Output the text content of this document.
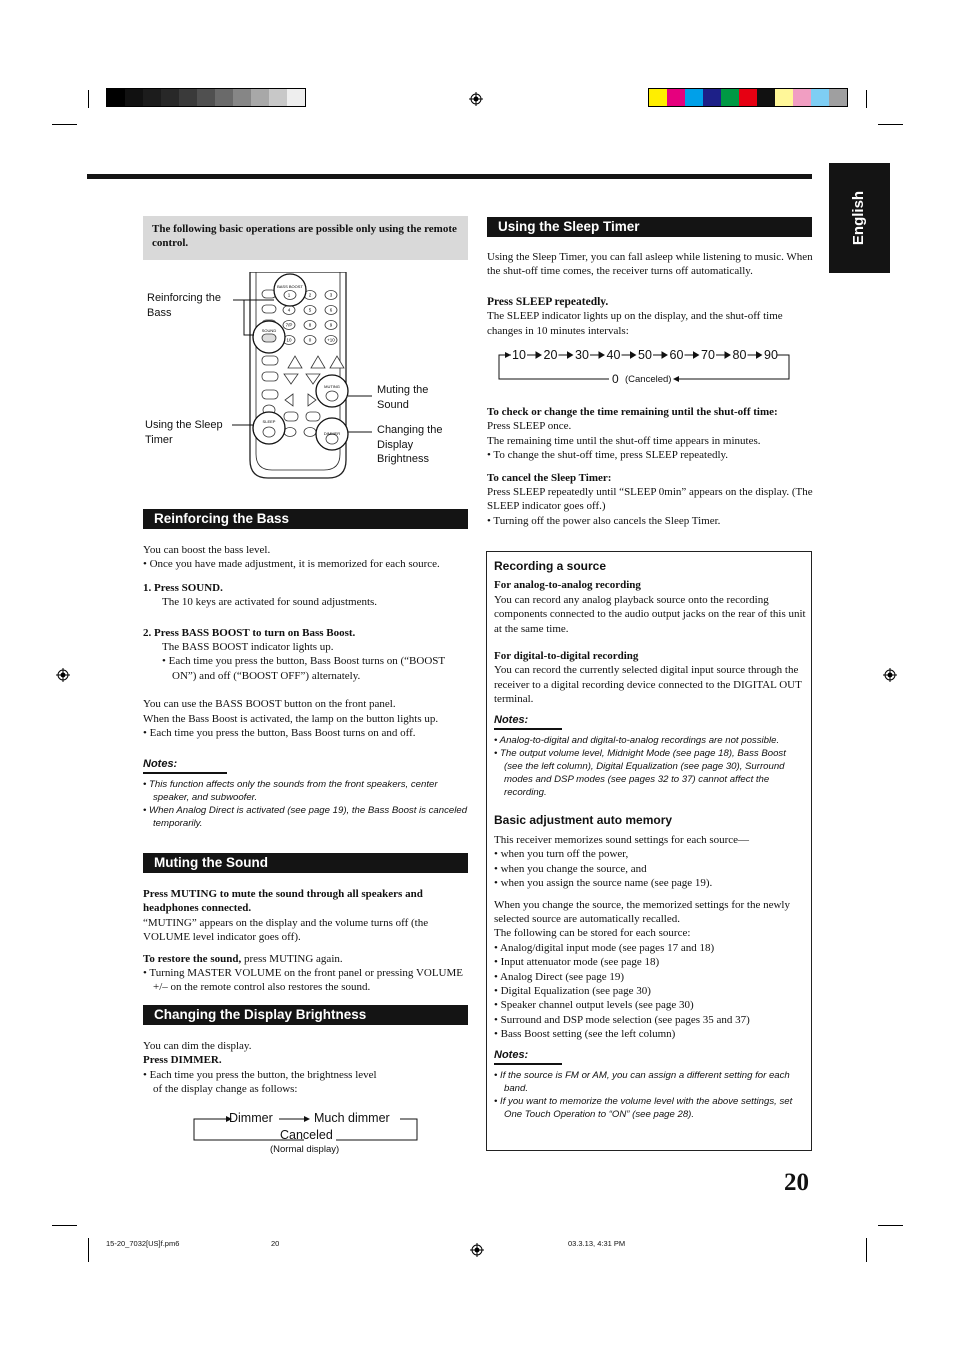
English
The following basic operations are possible only using the remote control.
BASS BOOST
SOUND
MUTING
SLEEP
DIMMER
1	2	3
4	5	6
7/P	8	9
10	0	+10
Reinforcing the Bass
Using the Sleep Timer
Muting the Sound
Changing the Display Brightness
Reinforcing the Bass

You can boost the bass level.

• Once you have made adjustment, it is memorized for each source.

1. Press SOUND.

The 10 keys are activated for sound adjustments.

2. Press BASS BOOST to turn on Bass Boost.

The BASS BOOST indicator lights up.

• Each time you press the button, Bass Boost turns on (“BOOST ON”) and off (“BOOST OFF”) alternately.

You can use the BASS BOOST button on the front panel.

When the Bass Boost is activated, the lamp on the button lights up.

• Each time you press the button, Bass Boost turns on and off.

Notes:
• This function affects only the sounds from the front speakers, center speaker, and subwoofer.
• When Analog Direct is activated (see page 19), the Bass Boost is canceled temporarily.
Muting the Sound

Press MUTING to mute the sound through all speakers and headphones connected.

“MUTING” appears on the display and the volume turns off (the VOLUME level indicator goes off).

To restore the sound, press MUTING again.

• Turning MASTER VOLUME on the front panel or pressing VOLUME +/– on the remote control also restores the sound.

Changing the Display Brightness

You can dim the display.

Press DIMMER.

• Each time you press the button, the brightness level of the display change as follows:

Dimmer	Much dimmer
Canceled
(Normal display)
Using the Sleep Timer
Using the Sleep Timer, you can fall asleep while listening to music. When the shut-off time comes, the receiver turns off automatically.

Press SLEEP repeatedly.

The SLEEP indicator lights up on the display, and the shut-off time changes in 10 minutes intervals:

10 20 30 40 50 60 70 80 90
0 (Canceled)

To check or change the time remaining until the shut-off time:

Press SLEEP once.

The remaining time until the shut-off time appears in minutes.

• To change the shut-off time, press SLEEP repeatedly.

To cancel the Sleep Timer:

Press SLEEP repeatedly until “SLEEP 0min” appears on the display. (The SLEEP indicator goes off.)

• Turning off the power also cancels the Sleep Timer.

Recording a source

For analog-to-analog recording

You can record any analog playback source onto the recording components connected to the audio output jacks on the rear of this unit at the same time.

For digital-to-digital recording

You can record the currently selected digital input source through the receiver to a digital recording device connected to the DIGITAL OUT terminal.

Notes:

• Analog-to-digital and digital-to-analog recordings are not possible.

• The output volume level, Midnight Mode (see page 18), Bass Boost (see the left column), Digital Equalization (see page 30), Surround modes and DSP modes (see pages 32 to 37) cannot affect the recording.

Basic adjustment auto memory

This receiver memorizes sound settings for each source—

• when you turn off the power,

• when you change the source, and

• when you assign the source name (see page 19).

When you change the source, the memorized settings for the newly selected source are automatically recalled.

The following can be stored for each source:

• Analog/digital input mode (see pages 17 and 18)

• Input attenuator mode (see page 18)

• Analog Direct (see page 19)

• Digital Equalization (see page 30)

• Speaker channel output levels (see page 30)

• Surround and DSP mode selection (see pages 35 and 37)

• Bass Boost setting (see the left column)

Notes:

• If the source is FM or AM, you can assign a different setting for each band.

• If you want to memorize the volume level with the above settings, set One Touch Operation to “ON” (see page 28).

20
15-20_7032[US]f.pm6	20	03.3.13, 4:31 PM
